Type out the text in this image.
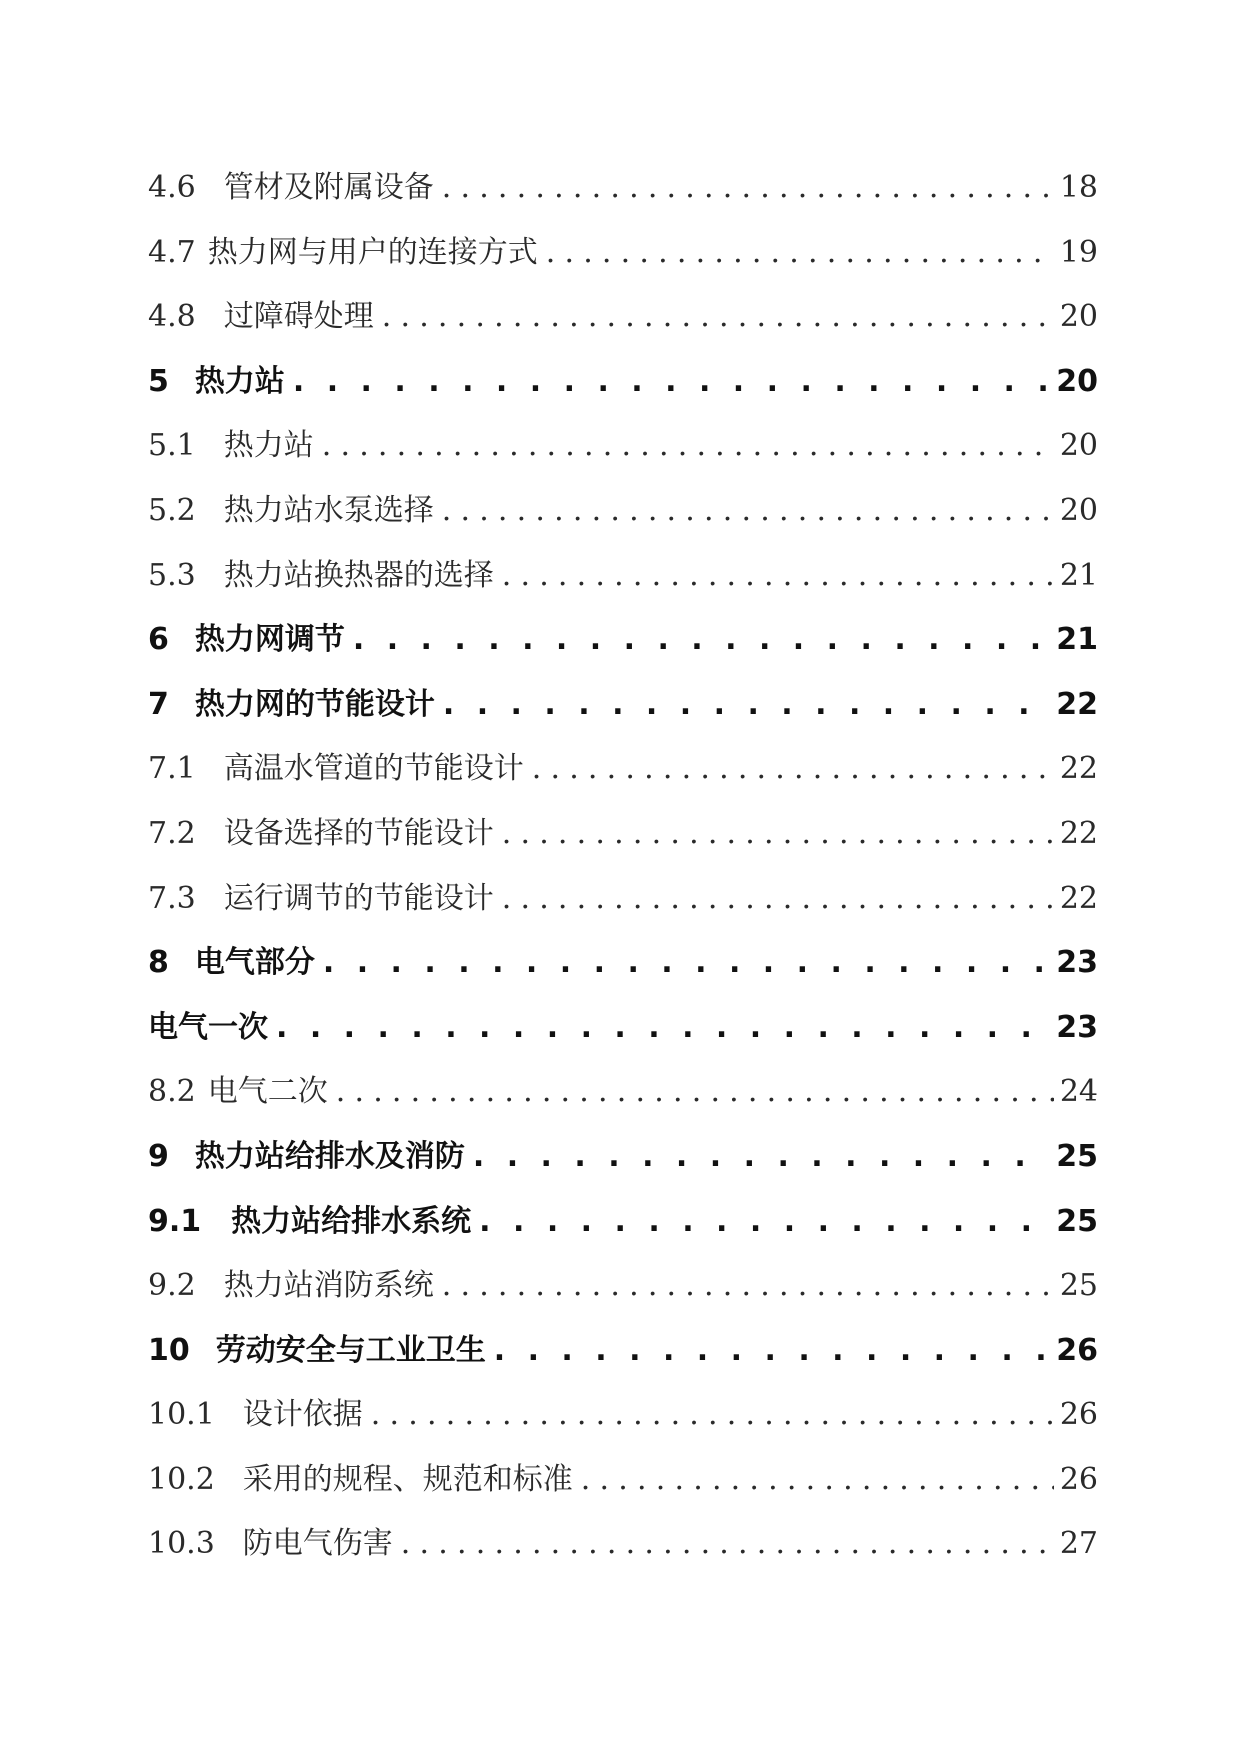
4.6 管材及附属设备 .....	18
4.7 热力网与用户的连接方式 .....	19
4.8 过障碍处理 .....	20
5 热力站 . . .	20
5.1 热力站 .....	20
5.2 热力站水泵选择 .....	20
5.3 热力站换热器的选择 .....	21
6 热力网调节 . . .	21
7 热力网的节能设计 . . .	22
7.1 高温水管道的节能设计 .....	22
7.2 设备选择的节能设计 .....	22
7.3 运行调节的节能设计 .....	22
8 电气部分 . . .	23
电气一次 . . .	23
8.2 电气二次 .....	24
9 热力站给排水及消防 . . .	25
9.1 热力站给排水系统 . . .	25
9.2 热力站消防系统 .....	25
10 劳动安全与工业卫生 . . .	26
10.1 设计依据 .....	26
10.2 采用的规程、规范和标准 .....	26
10.3 防电气伤害 .....	27
